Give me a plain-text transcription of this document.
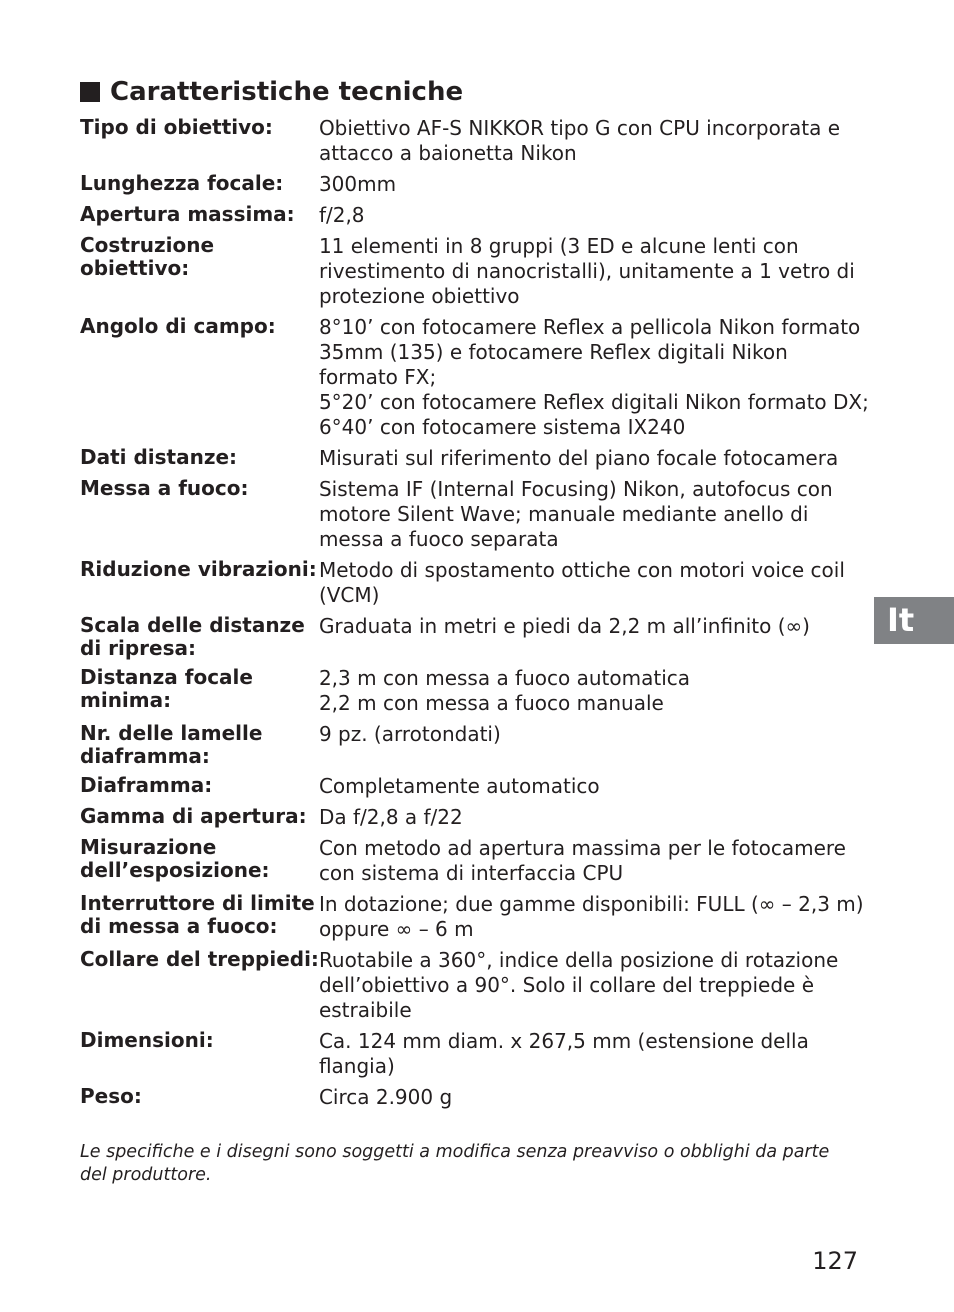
Caratteristiche tecniche
Tipo di obiettivo:	Obiettivo AF-S NIKKOR tipo G con CPU incorporata e
attacco a baionetta Nikon

Lunghezza focale:	300mm

Apertura massima:	f/2,8

Costruzione
obiettivo:	11 elementi in 8 gruppi (3 ED e alcune lenti con
rivestimento di nanocristalli), unitamente a 1 vetro di
protezione obiettivo

Angolo di campo:	8°10’ con fotocamere Reflex a pellicola Nikon formato
35mm (135) e fotocamere Reflex digitali Nikon
formato FX;
5°20’ con fotocamere Reflex digitali Nikon formato DX;
6°40’ con fotocamere sistema IX240

Dati distanze:	Misurati sul riferimento del piano focale fotocamera

Messa a fuoco:	Sistema IF (Internal Focusing) Nikon, autofocus con
motore Silent Wave; manuale mediante anello di
messa a fuoco separata

Riduzione vibrazioni:	Metodo di spostamento ottiche con motori voice coil
(VCM)

Scala delle distanze
di ripresa:	Graduata in metri e piedi da 2,2 m all’infinito (∞)

Distanza focale
minima:	2,3 m con messa a fuoco automatica
2,2 m con messa a fuoco manuale

Nr. delle lamelle
diaframma:	9 pz. (arrotondati)

Diaframma:	Completamente automatico

Gamma di apertura:	Da f/2,8 a f/22

Misurazione
dell’esposizione:	Con metodo ad apertura massima per le fotocamere
con sistema di interfaccia CPU

Interruttore di limite
di messa a fuoco:	In dotazione; due gamme disponibili: FULL (∞ – 2,3 m)
oppure ∞ – 6 m

Collare del treppiedi:	Ruotabile a 360°, indice della posizione di rotazione
dell’obiettivo a 90°. Solo il collare del treppiede è
estraibile

Dimensioni:	Ca. 124 mm diam. x 267,5 mm (estensione della
flangia)

Peso:	Circa 2.900 g
Le specifiche e i disegni sono soggetti a modifica senza preavviso o obblighi da parte
del produttore.
It
127
